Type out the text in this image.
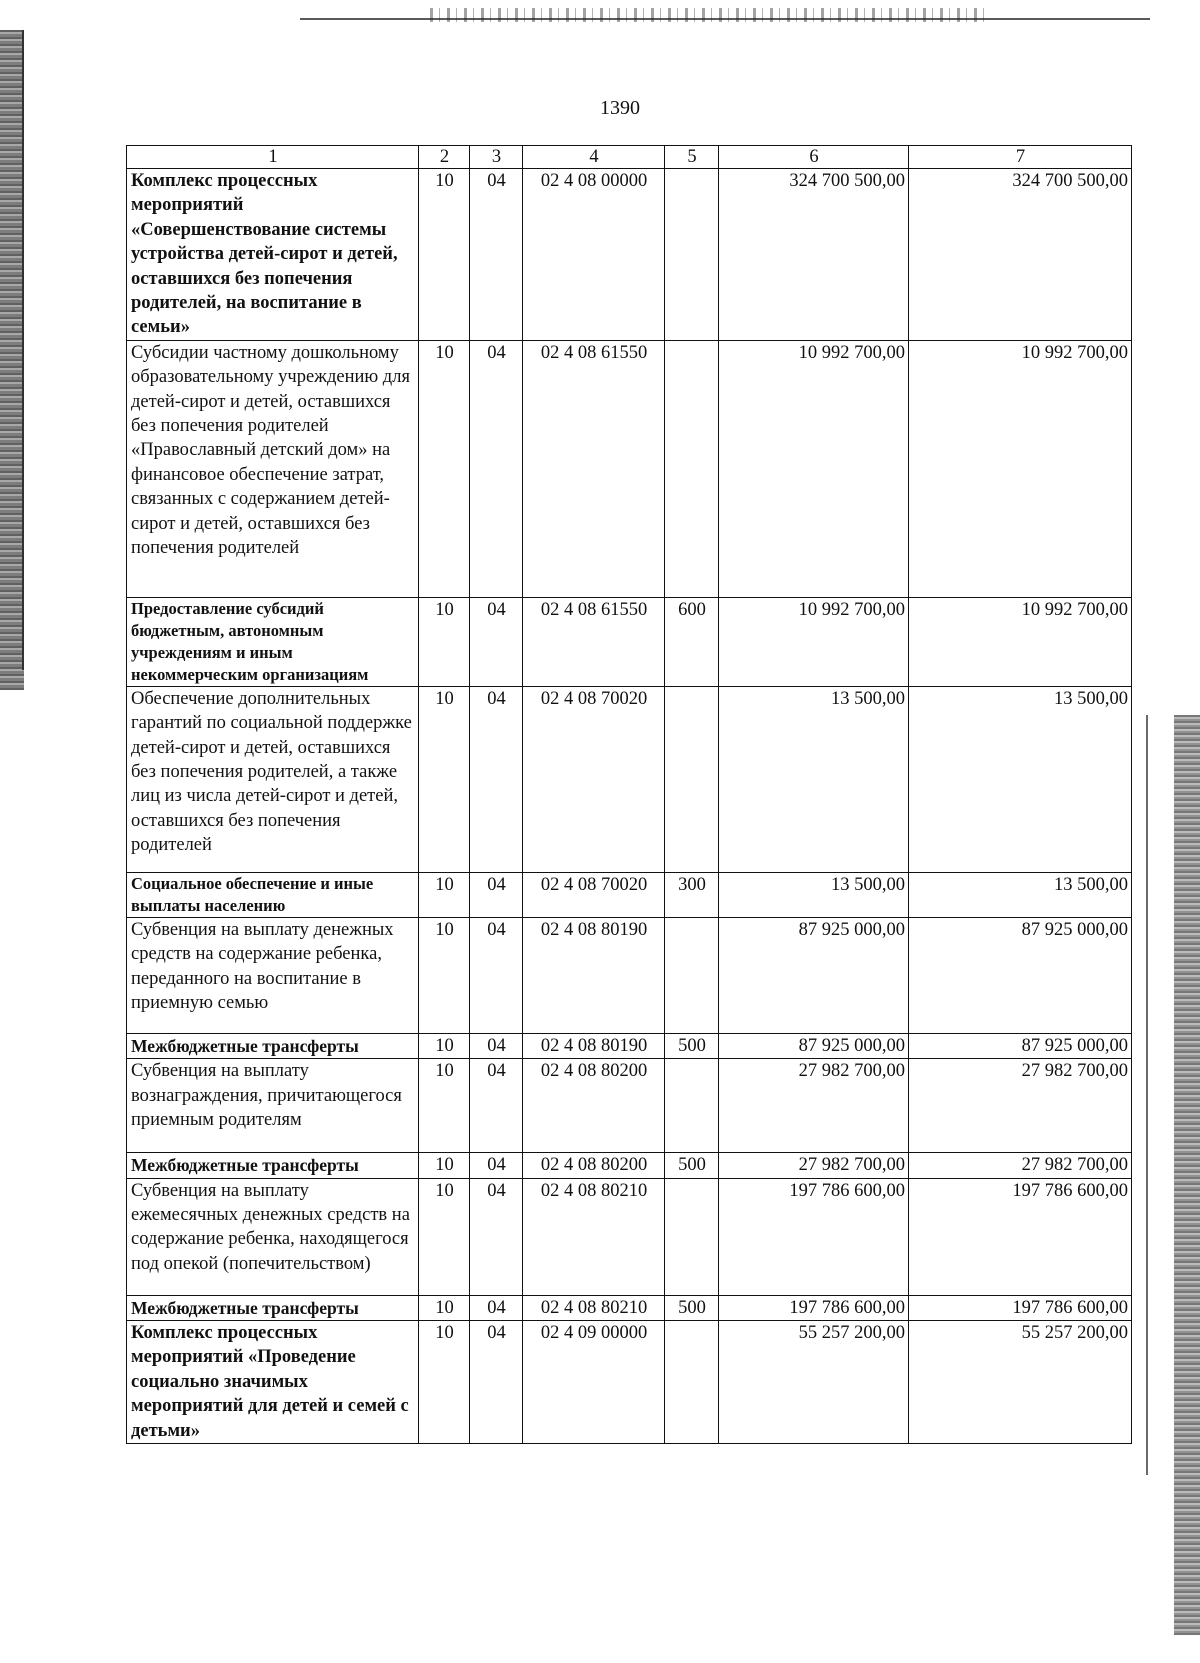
1390
1	2	3	4	5	6	7
Комплекс процессных мероприятий «Совершенствование системы устройства детей-сирот и детей, оставшихся без попечения родителей, на воспитание в семьи»	10	04	02 4 08 00000		324 700 500,00	324 700 500,00
Субсидии частному дошкольному образовательному учреждению для детей-сирот и детей, оставшихся без попечения родителей «Православный детский дом» на финансовое обеспечение затрат, связанных с содержанием детей-сирот и детей, оставшихся без попечения родителей	10	04	02 4 08 61550		10 992 700,00	10 992 700,00
Предоставление субсидий бюджетным, автономным учреждениям и иным некоммерческим организациям	10	04	02 4 08 61550	600	10 992 700,00	10 992 700,00
Обеспечение дополнительных гарантий по социальной поддержке детей-сирот и детей, оставшихся без попечения родителей, а также лиц из числа детей-сирот и детей, оставшихся без попечения родителей	10	04	02 4 08 70020		13 500,00	13 500,00
Социальное обеспечение и иные выплаты населению	10	04	02 4 08 70020	300	13 500,00	13 500,00
Субвенция на выплату денежных средств на содержание ребенка, переданного на воспитание в приемную семью	10	04	02 4 08 80190		87 925 000,00	87 925 000,00
Межбюджетные трансферты	10	04	02 4 08 80190	500	87 925 000,00	87 925 000,00
Субвенция на выплату вознаграждения, причитающегося приемным родителям	10	04	02 4 08 80200		27 982 700,00	27 982 700,00
Межбюджетные трансферты	10	04	02 4 08 80200	500	27 982 700,00	27 982 700,00
Субвенция на выплату ежемесячных денежных средств на содержание ребенка, находящегося под опекой (попечительством)	10	04	02 4 08 80210		197 786 600,00	197 786 600,00
Межбюджетные трансферты	10	04	02 4 08 80210	500	197 786 600,00	197 786 600,00
Комплекс процессных мероприятий «Проведение социально значимых мероприятий для детей и семей с детьми»	10	04	02 4 09 00000		55 257 200,00	55 257 200,00
